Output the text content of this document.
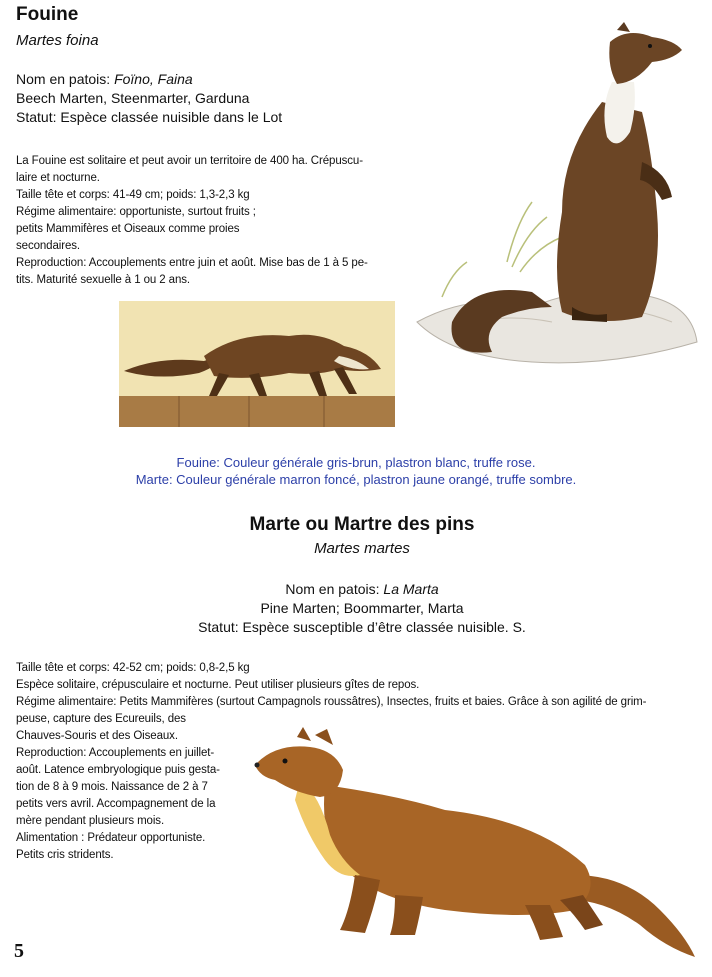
Fouine
Martes foina
Nom en patois: Foïno, Faina
Beech Marten, Steenmarter, Garduna
Statut: Espèce classée nuisible dans le Lot
La Fouine est solitaire et peut avoir un territoire de 400 ha. Crépuscu-
laire et nocturne.
Taille tête et corps: 41-49 cm; poids: 1,3-2,3 kg
Régime alimentaire: opportuniste, surtout fruits ;
petits Mammifères et Oiseaux comme proies
secondaires.
Reproduction: Accouplements entre juin et août. Mise bas de 1 à 5 pe-
tits. Maturité sexuelle à 1 ou 2 ans.
Fouine: Couleur générale gris-brun, plastron blanc, truffe rose.
Marte: Couleur générale marron foncé, plastron jaune orangé, truffe sombre.
Marte ou Martre des pins
Martes martes
Nom en patois: La Marta
Pine Marten; Boommarter, Marta
Statut: Espèce susceptible d’être classée nuisible. S.
Taille tête et corps: 42-52 cm; poids: 0,8-2,5 kg
Espèce solitaire, crépusculaire et nocturne. Peut utiliser plusieurs gîtes de repos.
Régime alimentaire: Petits Mammifères (surtout Campagnols roussâtres), Insectes, fruits et baies. Grâce à son agilité de grim-
peuse, capture des Ecureuils, des
Chauves-Souris et des Oiseaux.
Reproduction: Accouplements en juillet-
août. Latence embryologique puis gesta-
tion de 8 à 9 mois. Naissance de 2 à 7
petits vers avril. Accompagnement de la
mère pendant plusieurs mois.
Alimentation : Prédateur opportuniste.
Petits cris stridents.
5
